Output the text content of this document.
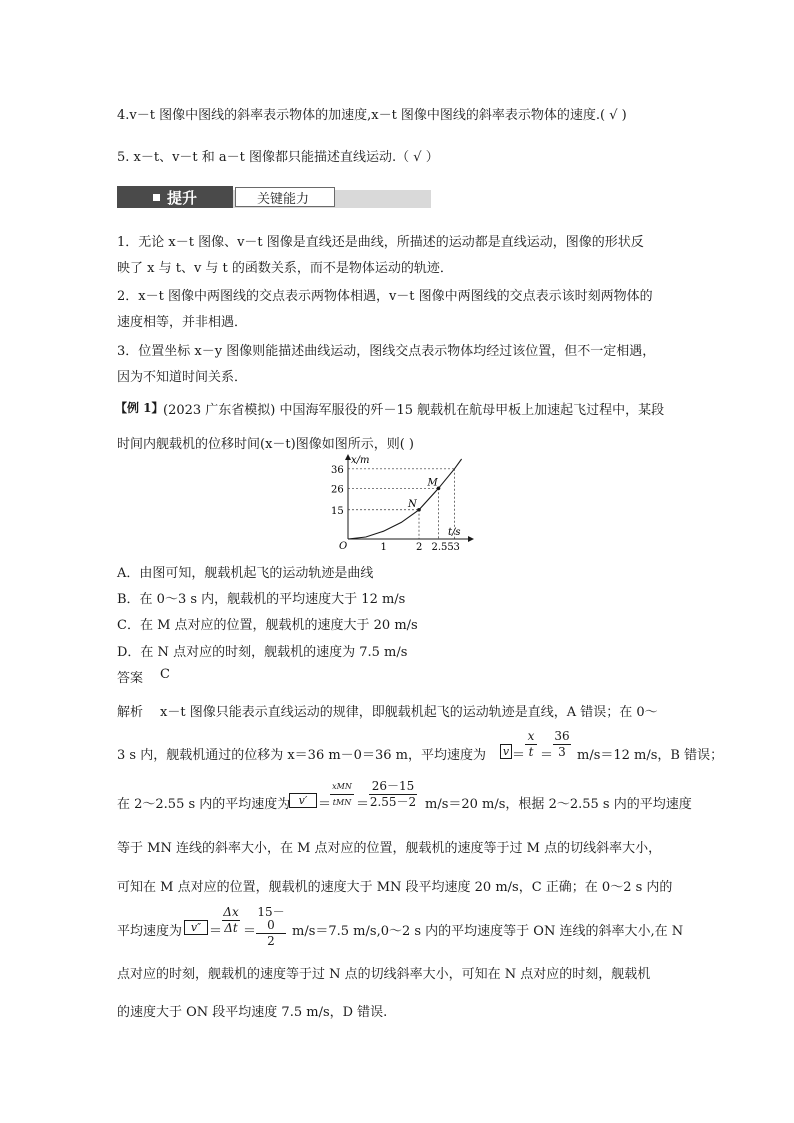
4.v－t 图像中图线的斜率表示物体的加速度,x－t 图像中图线的斜率表示物体的速度.( √ )
5. x－t、v－t 和 a－t 图像都只能描述直线运动.（ √ ）
提升	关键能力
1．无论 x－t 图像、v－t 图像是直线还是曲线，所描述的运动都是直线运动，图像的形状反
映了 x 与 t、v 与 t 的函数关系，而不是物体运动的轨迹．
2．x－t 图像中两图线的交点表示两物体相遇，v－t 图像中两图线的交点表示该时刻两物体的
速度相等，并非相遇．
3．位置坐标 x－y 图像则能描述曲线运动，图线交点表示物体均经过该位置，但不一定相遇，
因为不知道时间关系．
【例 1】 (2023 广东省模拟) 中国海军服役的歼－15 舰载机在航母甲板上加速起飞过程中，某段
时间内舰载机的位移时间(x－t)图像如图所示，则( )
x/m
t/s
O
N
M
15
26
36
1	2 2.55 3
A．由图可知，舰载机起飞的运动轨迹是曲线
B．在 0～3 s 内，舰载机的平均速度大于 12 m/s
C．在 M 点对应的位置，舰载机的速度大于 20 m/s
D．在 N 点对应的时刻，舰载机的速度为 7.5 m/s
答案 C
解析 x－t 图像只能表示直线运动的规律，即舰载机起飞的运动轨迹是直线，A 错误；在 0～
3 s 内，舰载机通过的位移为 x＝36 m－0＝36 m，平均速度为 v ＝
x
t ＝
36
3 m/s＝12 m/s，B 错误；
在 2～2.55 s 内的平均速度为 v′ ＝
xMN
tMN ＝
26－15
2.55－2 m/s＝20 m/s，根据 2～2.55 s 内的平均速度
等于 MN 连线的斜率大小，在 M 点对应的位置，舰载机的速度等于过 M 点的切线斜率大小，
可知在 M 点对应的位置，舰载机的速度大于 MN 段平均速度 20 m/s，C 正确；在 0～2 s 内的
平均速度为 v″ ＝
Δx
Δt ＝
15－0
2
m/s＝7.5 m/s,0～2 s 内的平均速度等于 ON 连线的斜率大小,在 N
点对应的时刻，舰载机的速度等于过 N 点的切线斜率大小，可知在 N 点对应的时刻，舰载机
的速度大于 ON 段平均速度 7.5 m/s，D 错误.
